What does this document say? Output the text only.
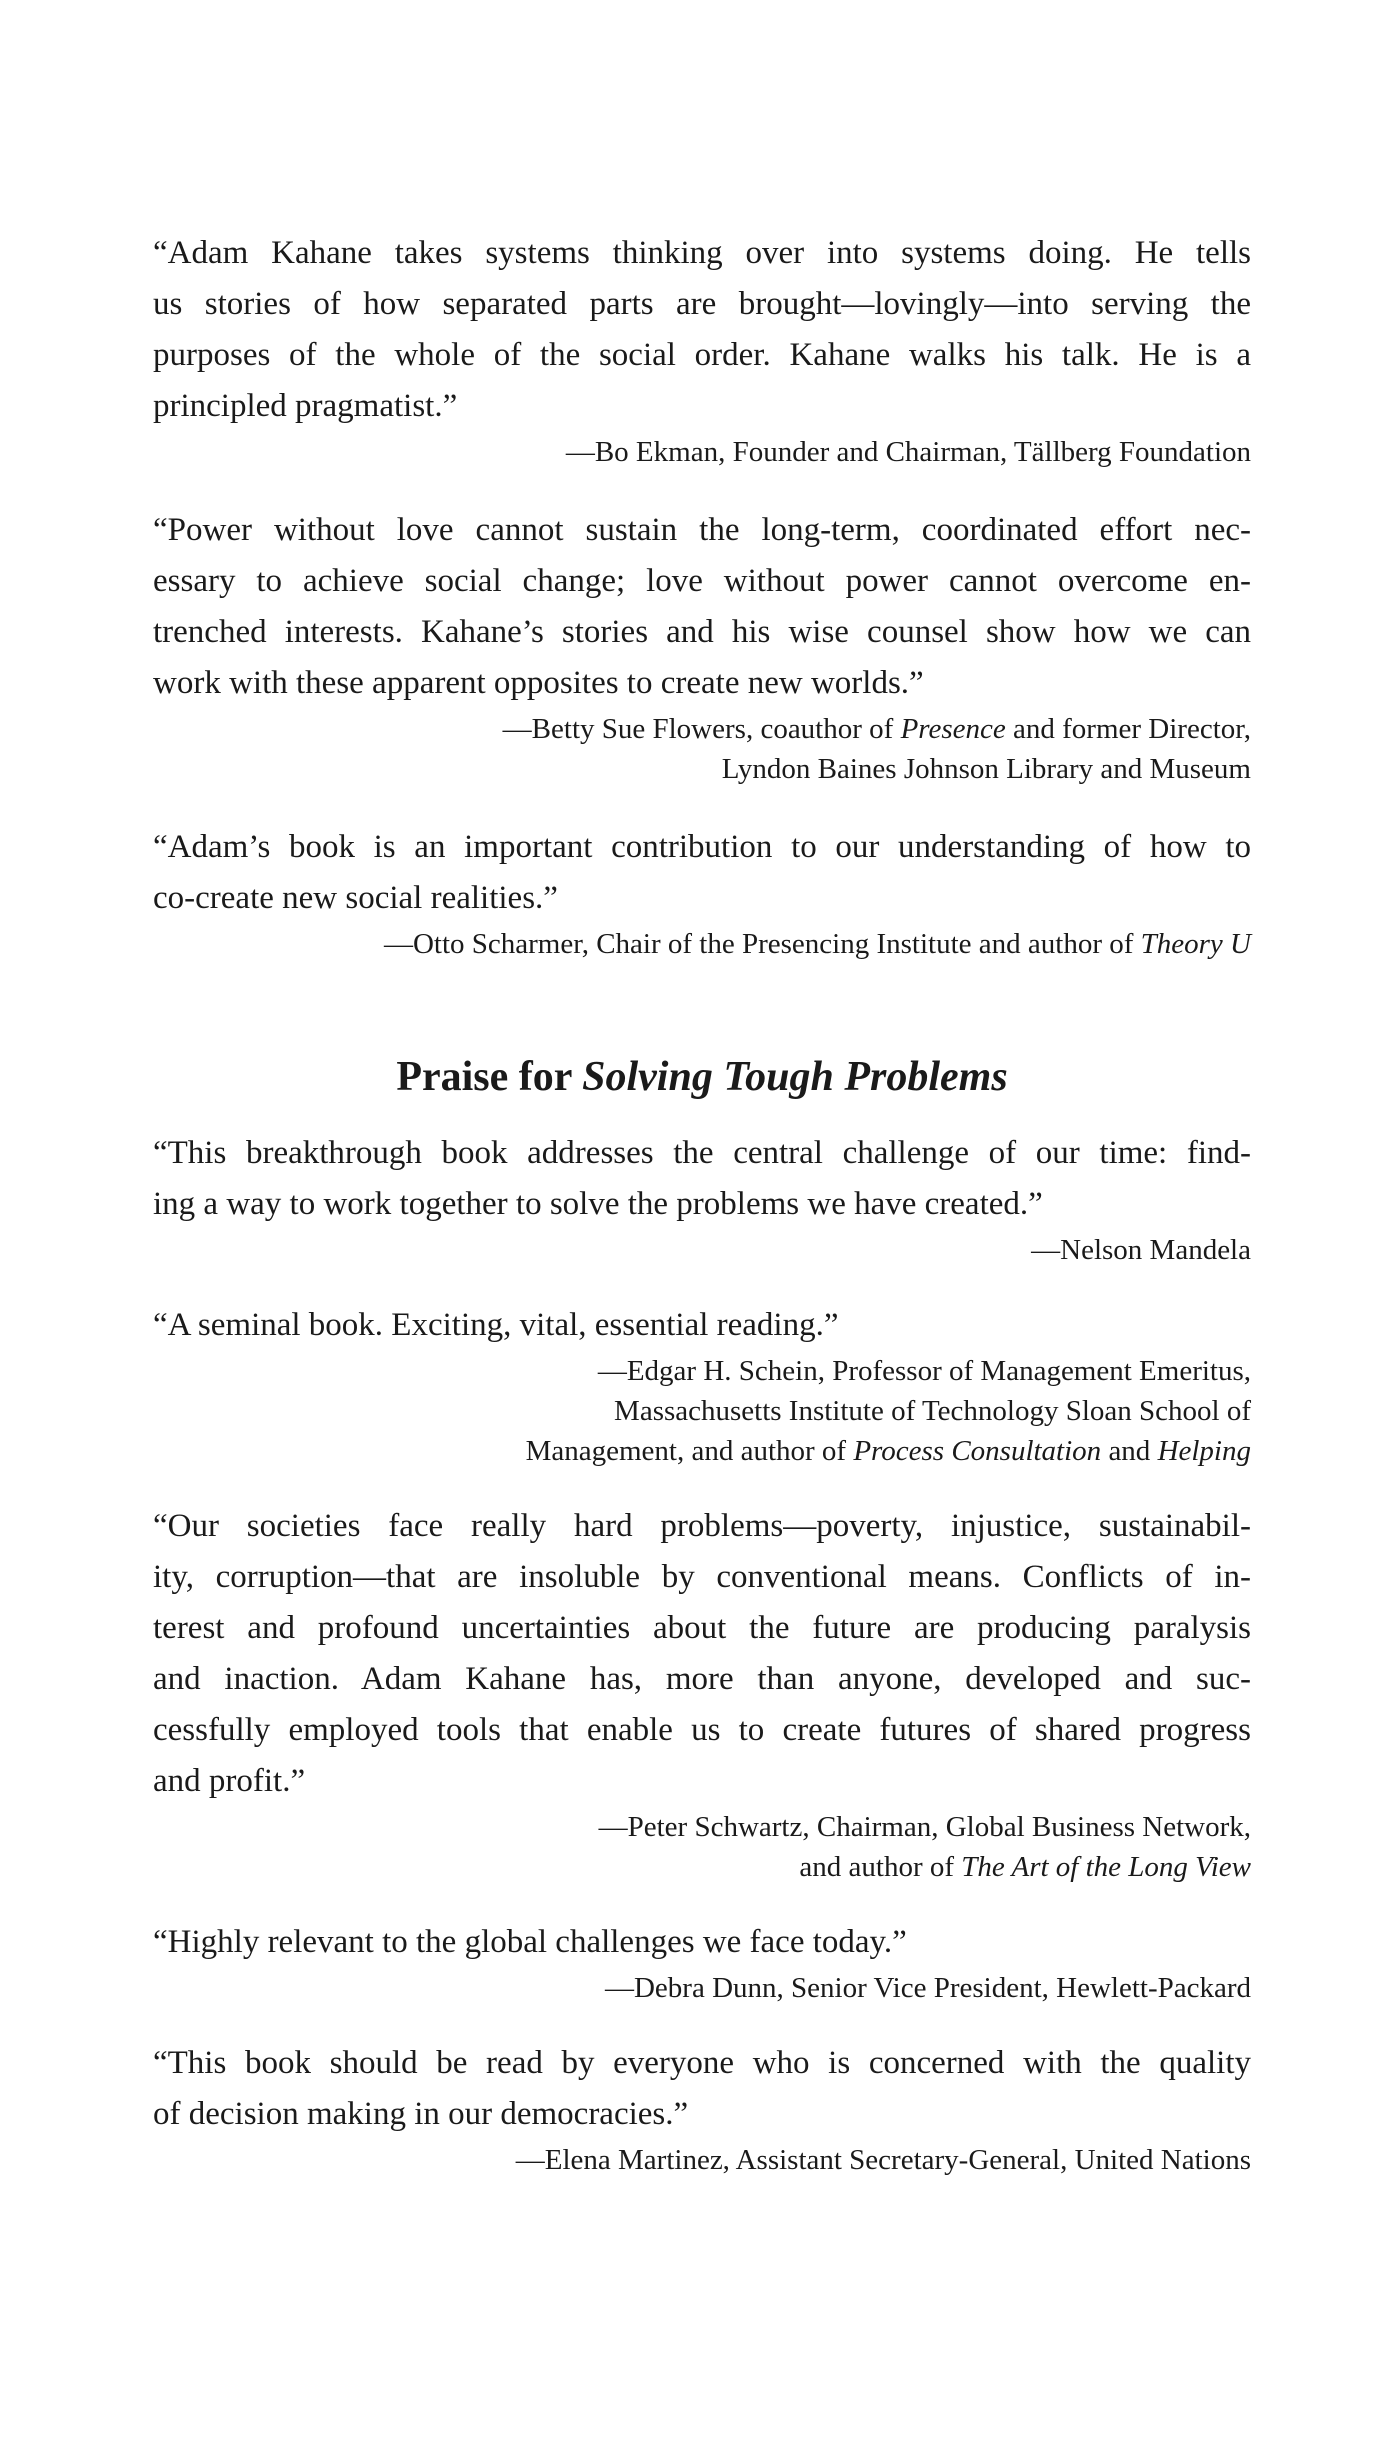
“Adam Kahane takes systems thinking over into systems doing. He tells
us stories of how separated parts are brought—lovingly—into serving the
purposes of the whole of the social order. Kahane walks his talk. He is a
principled pragmatist.”

—Bo Ekman, Founder and Chairman, Tällberg Foundation

“Power without love cannot sustain the long-term, coordinated effort nec-
essary to achieve social change; love without power cannot overcome en-
trenched interests. Kahane’s stories and his wise counsel show how we can
work with these apparent opposites to create new worlds.”

—Betty Sue Flowers, coauthor of Presence and former Director,
Lyndon Baines Johnson Library and Museum

“Adam’s book is an important contribution to our understanding of how to
co-create new social realities.”

—Otto Scharmer, Chair of the Presencing Institute and author of Theory U

Praise for Solving Tough Problems

“This breakthrough book addresses the central challenge of our time: find-
ing a way to work together to solve the problems we have created.”

—Nelson Mandela

“A seminal book. Exciting, vital, essential reading.”

—Edgar H. Schein, Professor of Management Emeritus,
Massachusetts Institute of Technology Sloan School of
Management, and author of Process Consultation and Helping

“Our societies face really hard problems—poverty, injustice, sustainabil-
ity, corruption—that are insoluble by conventional means. Conflicts of in-
terest and profound uncertainties about the future are producing paralysis
and inaction. Adam Kahane has, more than anyone, developed and suc-
cessfully employed tools that enable us to create futures of shared progress
and profit.”

—Peter Schwartz, Chairman, Global Business Network,
and author of The Art of the Long View

“Highly relevant to the global challenges we face today.”

—Debra Dunn, Senior Vice President, Hewlett-Packard

“This book should be read by everyone who is concerned with the quality
of decision making in our democracies.”

—Elena Martinez, Assistant Secretary-General, United Nations
